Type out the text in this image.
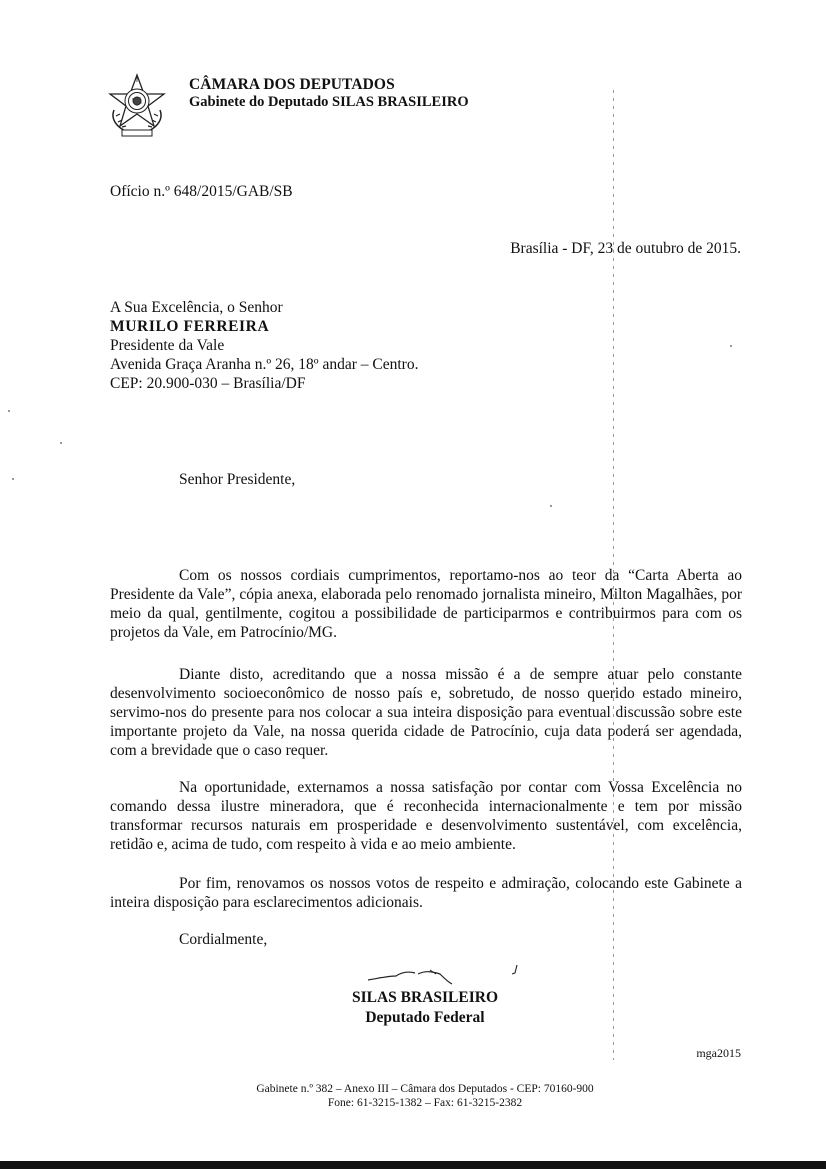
CÂMARA DOS DEPUTADOS
Gabinete do Deputado SILAS BRASILEIRO
Ofício n.º 648/2015/GAB/SB
Brasília - DF, 23 de outubro de 2015.
A Sua Excelência, o Senhor
MURILO FERREIRA
Presidente da Vale
Avenida Graça Aranha n.º 26, 18º andar – Centro.
CEP: 20.900-030 – Brasília/DF
Senhor Presidente,

Com os nossos cordiais cumprimentos, reportamo-nos ao teor da “Carta Aberta ao Presidente da Vale”, cópia anexa, elaborada pelo renomado jornalista mineiro, Milton Magalhães, por meio da qual, gentilmente, cogitou a possibilidade de participarmos e contribuirmos para com os projetos da Vale, em Patrocínio/MG.

Diante disto, acreditando que a nossa missão é a de sempre atuar pelo constante desenvolvimento socioeconômico de nosso país e, sobretudo, de nosso querido estado mineiro, servimo-nos do presente para nos colocar a sua inteira disposição para eventual discussão sobre este importante projeto da Vale, na nossa querida cidade de Patrocínio, cuja data poderá ser agendada, com a brevidade que o caso requer.

Na oportunidade, externamos a nossa satisfação por contar com Vossa Excelência no comando dessa ilustre mineradora, que é reconhecida internacionalmente e tem por missão transformar recursos naturais em prosperidade e desenvolvimento sustentável, com excelência, retidão e, acima de tudo, com respeito à vida e ao meio ambiente.

Por fim, renovamos os nossos votos de respeito e admiração, colocando este Gabinete a inteira disposição para esclarecimentos adicionais.

Cordialmente,
SILAS BRASILEIRO
Deputado Federal
mga2015
Gabinete n.º 382 – Anexo III – Câmara dos Deputados - CEP: 70160-900
Fone: 61-3215-1382 – Fax: 61-3215-2382
